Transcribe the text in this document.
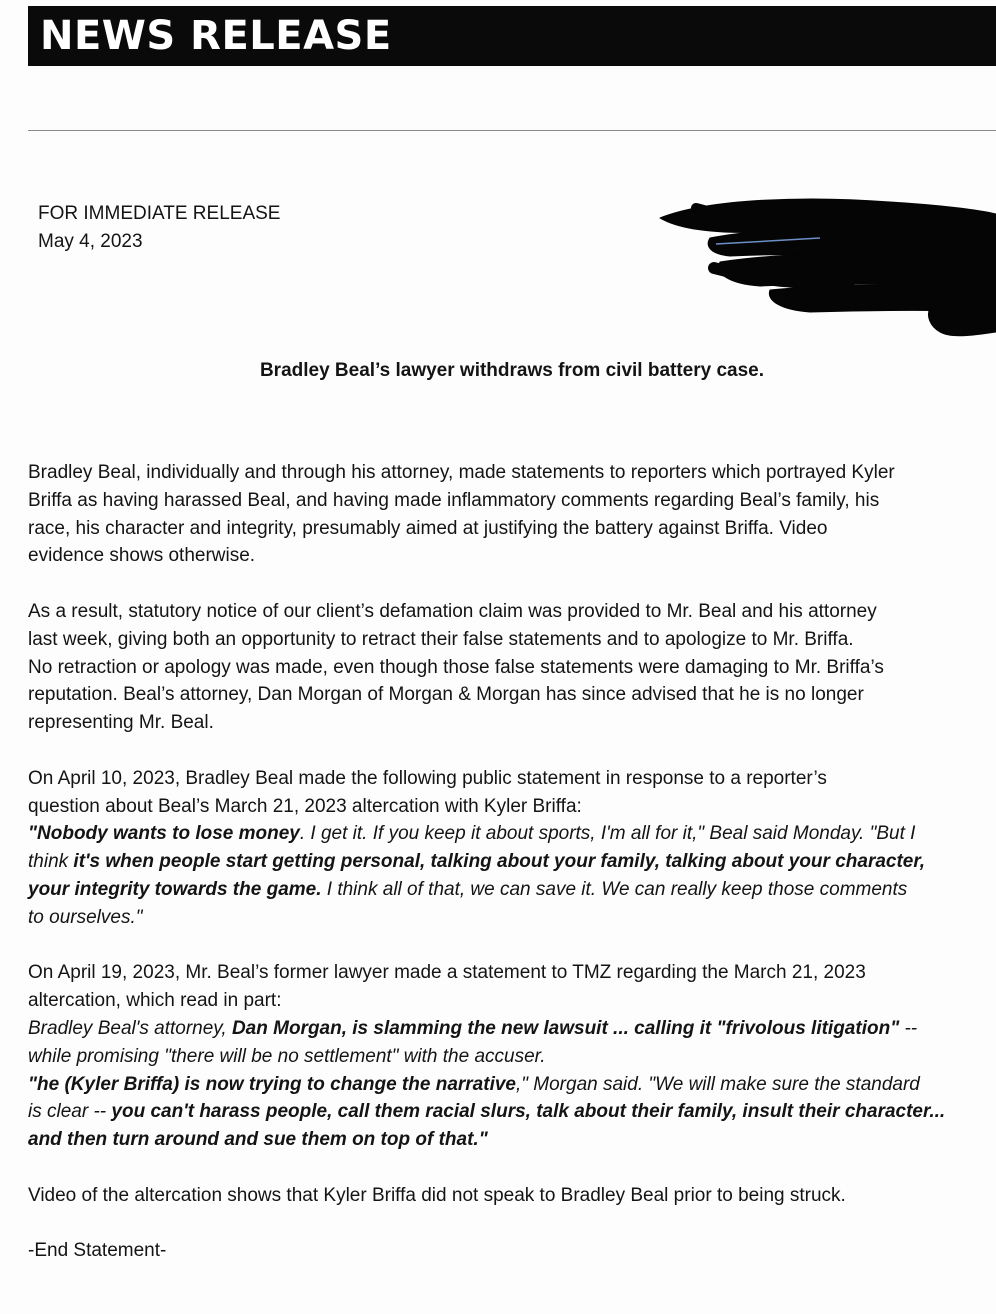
NEWS RELEASE
FOR IMMEDIATE RELEASE
May 4, 2023
Bradley Beal’s lawyer withdraws from civil battery case.

Bradley Beal, individually and through his attorney, made statements to reporters which portrayed Kyler
Briffa as having harassed Beal, and having made inflammatory comments regarding Beal’s family, his
race, his character and integrity, presumably aimed at justifying the battery against Briffa. Video
evidence shows otherwise.

As a result, statutory notice of our client’s defamation claim was provided to Mr. Beal and his attorney
last week, giving both an opportunity to retract their false statements and to apologize to Mr. Briffa.
No retraction or apology was made, even though those false statements were damaging to Mr. Briffa’s
reputation. Beal’s attorney, Dan Morgan of Morgan & Morgan has since advised that he is no longer
representing Mr. Beal.

On April 10, 2023, Bradley Beal made the following public statement in response to a reporter’s
question about Beal’s March 21, 2023 altercation with Kyler Briffa:
"Nobody wants to lose money. I get it. If you keep it about sports, I'm all for it," Beal said Monday. "But I
think it's when people start getting personal, talking about your family, talking about your character,
your integrity towards the game. I think all of that, we can save it. We can really keep those comments
to ourselves."

On April 19, 2023, Mr. Beal’s former lawyer made a statement to TMZ regarding the March 21, 2023
altercation, which read in part:
Bradley Beal's attorney, Dan Morgan, is slamming the new lawsuit ... calling it "frivolous litigation" --
while promising "there will be no settlement" with the accuser.
"he (Kyler Briffa) is now trying to change the narrative," Morgan said. "We will make sure the standard
is clear -- you can't harass people, call them racial slurs, talk about their family, insult their character...
and then turn around and sue them on top of that."

Video of the altercation shows that Kyler Briffa did not speak to Bradley Beal prior to being struck.

-End Statement-
